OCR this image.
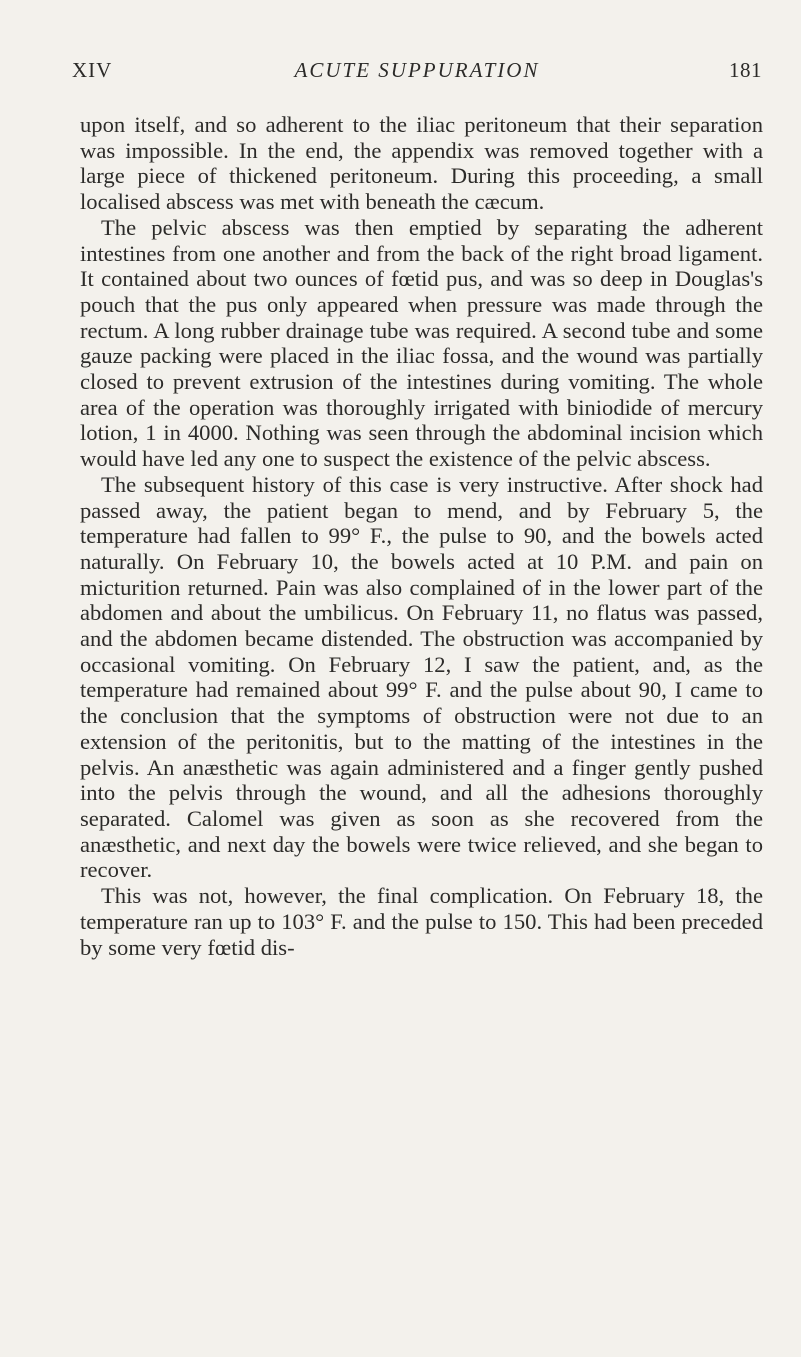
XIV	ACUTE SUPPURATION	181

upon itself, and so adherent to the iliac peritoneum that their separation was impossible. In the end, the appendix was removed together with a large piece of thickened peritoneum. During this proceeding, a small localised abscess was met with beneath the cæcum.

The pelvic abscess was then emptied by separating the adherent intestines from one another and from the back of the right broad ligament. It contained about two ounces of fœtid pus, and was so deep in Douglas's pouch that the pus only appeared when pressure was made through the rectum. A long rubber drainage tube was required. A second tube and some gauze packing were placed in the iliac fossa, and the wound was partially closed to prevent extrusion of the intestines during vomiting. The whole area of the operation was thoroughly irrigated with biniodide of mercury lotion, 1 in 4000. Nothing was seen through the abdominal incision which would have led any one to suspect the existence of the pelvic abscess.

The subsequent history of this case is very instructive. After shock had passed away, the patient began to mend, and by February 5, the temperature had fallen to 99° F., the pulse to 90, and the bowels acted naturally. On February 10, the bowels acted at 10 P.M. and pain on micturition returned. Pain was also complained of in the lower part of the abdomen and about the umbilicus. On February 11, no flatus was passed, and the abdomen became distended. The obstruction was accompanied by occasional vomiting. On February 12, I saw the patient, and, as the temperature had remained about 99° F. and the pulse about 90, I came to the conclusion that the symptoms of obstruction were not due to an extension of the peritonitis, but to the matting of the intestines in the pelvis. An anæsthetic was again administered and a finger gently pushed into the pelvis through the wound, and all the adhesions thoroughly separated. Calomel was given as soon as she recovered from the anæsthetic, and next day the bowels were twice relieved, and she began to recover.

This was not, however, the final complication. On February 18, the temperature ran up to 103° F. and the pulse to 150. This had been preceded by some very fœtid dis-
